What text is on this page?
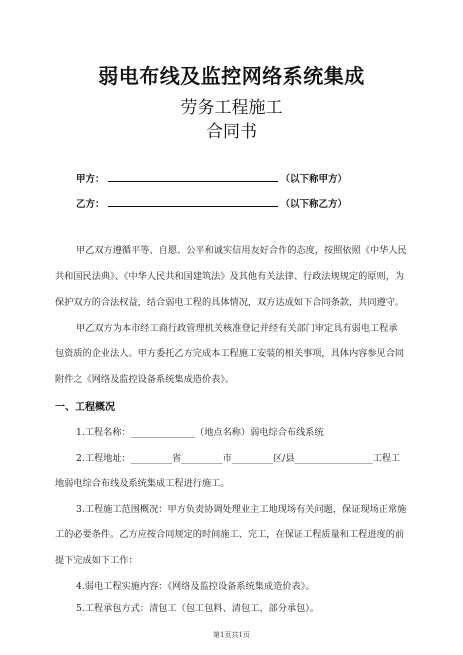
弱电布线及监控网络系统集成
劳务工程施工
合同书
甲方：	（以下称甲方）
乙方：	（以下称乙方）
甲乙双方遵循平等、自愿、公平和诚实信用友好合作的态度，按照依照《中华人民
共和国民法典》、《中华人民共和国建筑法》及其他有关法律、行政法规规定的原则，为
保护双方的合法权益，结合弱电工程的具体情况，双方达成如下合同条款，共同遵守。
甲乙双方为本市经工商行政管理机关核准登记并经有关部门审定具有弱电工程承
包资质的企业法人。甲方委托乙方完成本工程施工安装的相关事项，具体内容参见合同
附件之《网络及监控设备系统集成造价表》。
一、工程概况
1.工程名称：______________（地点名称）弱电综合布线系统
2.工程地址：_________省_________市_________区/县_________________工程工
地弱电综合布线及系统集成工程进行施工。
3.工程施工范围概况：甲方负责协调处理业主工地现场有关问题，保证现场正常施
工的必要条件。乙方应按合同规定的时间施工、完工，在保证工程质量和工程进度的前
提下完成如下工作：
4.弱电工程实施内容：《网络及监控设备系统集成造价表》。
5.工程承包方式：清包工（包工包料、清包工、部分承包）。
第1页共1页
